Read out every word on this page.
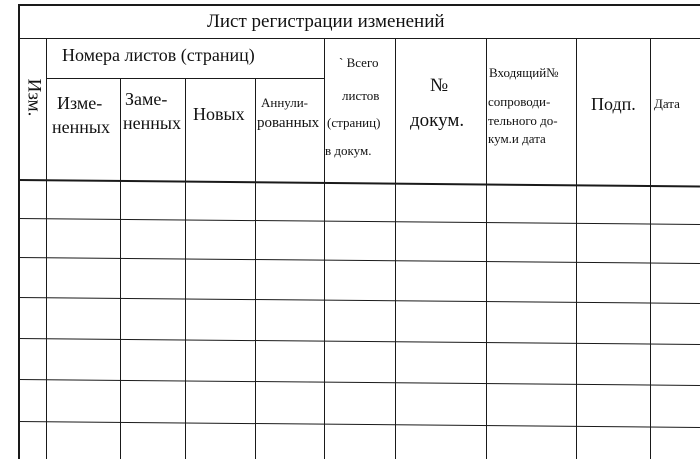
Лист регистрации изменений
Изм.
Номера листов (страниц)
Изме-
ненных
Заме-
ненных Новых
Аннули-
рованных
` Всего
листов
(страниц)
в докум.
№
докум.
Входящий№
сопроводи-
тельного до-
кум.и дата
Подп. Дата
